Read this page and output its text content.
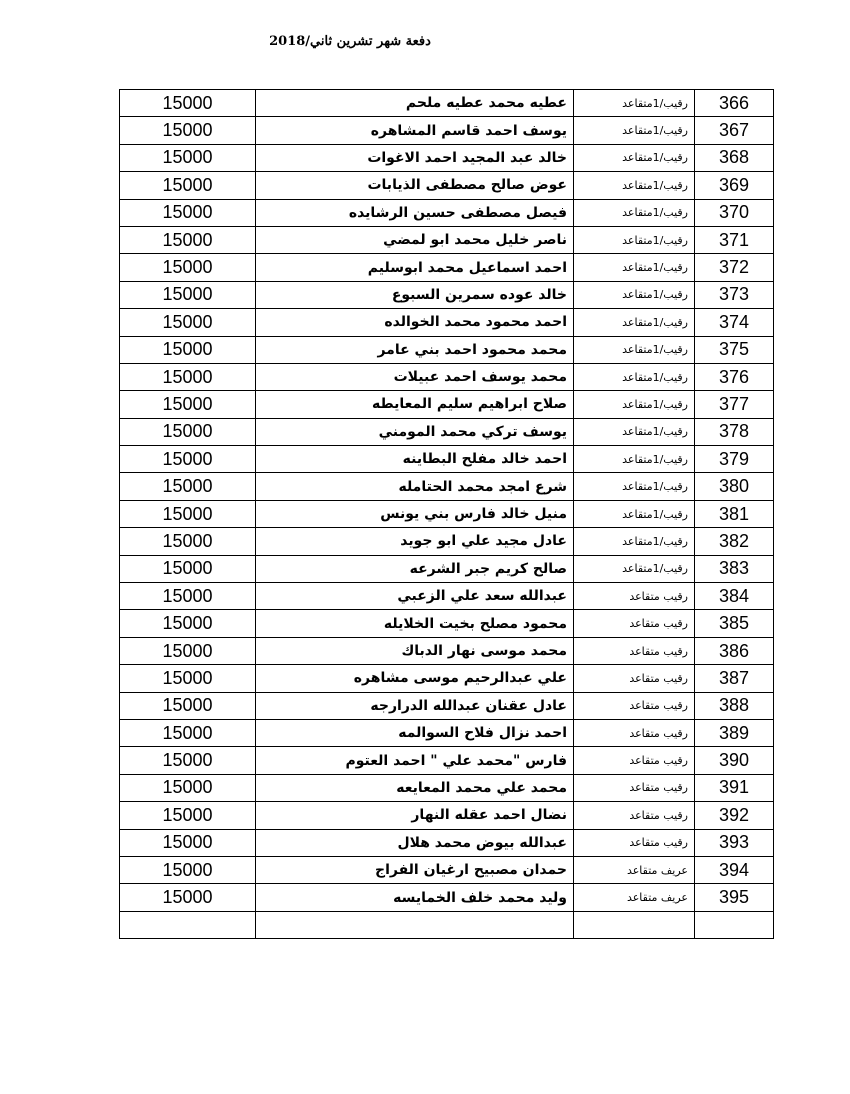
دفعة شهر تشرين ثاني/2018
15000	عطيه محمد عطيه ملحم	رقيب/1متقاعد	366
15000	يوسف احمد قاسم المشاهره	رقيب/1متقاعد	367
15000	خالد عبد المجيد احمد الاغوات	رقيب/1متقاعد	368
15000	عوض صالح مصطفى الذيابات	رقيب/1متقاعد	369
15000	فيصل مصطفى حسين الرشايده	رقيب/1متقاعد	370
15000	ناصر خليل محمد ابو لمضي	رقيب/1متقاعد	371
15000	احمد اسماعيل محمد ابوسليم	رقيب/1متقاعد	372
15000	خالد عوده سمرين السبوع	رقيب/1متقاعد	373
15000	احمد محمود محمد الخوالده	رقيب/1متقاعد	374
15000	محمد محمود احمد بني عامر	رقيب/1متقاعد	375
15000	محمد يوسف احمد عبيلات	رقيب/1متقاعد	376
15000	صلاح ابراهيم سليم المعايطه	رقيب/1متقاعد	377
15000	يوسف تركي محمد المومني	رقيب/1متقاعد	378
15000	احمد خالد مفلح البطاينه	رقيب/1متقاعد	379
15000	شرع امجد محمد الحتامله	رقيب/1متقاعد	380
15000	منيل خالد فارس بني يونس	رقيب/1متقاعد	381
15000	عادل مجيد علي ابو جويد	رقيب/1متقاعد	382
15000	صالح كريم جبر الشرعه	رقيب/1متقاعد	383
15000	عبدالله سعد علي الزعبي	رقيب متقاعد	384
15000	محمود مصلح بخيت الخلايله	رقيب متقاعد	385
15000	محمد موسى نهار الدباك	رقيب متقاعد	386
15000	علي عبدالرحيم موسى مشاهره	رقيب متقاعد	387
15000	عادل عقنان عبدالله الدرارجه	رقيب متقاعد	388
15000	احمد نزال فلاح السوالمه	رقيب متقاعد	389
15000	فارس "محمد علي " احمد العتوم	رقيب متقاعد	390
15000	محمد علي محمد المعايعه	رقيب متقاعد	391
15000	نضال احمد عقله النهار	رقيب متقاعد	392
15000	عبدالله بيوض محمد هلال	رقيب متقاعد	393
15000	حمدان مصبيح ارغيان الفراج	عريف متقاعد	394
15000	وليد محمد خلف الخمايسه	عريف متقاعد	395
